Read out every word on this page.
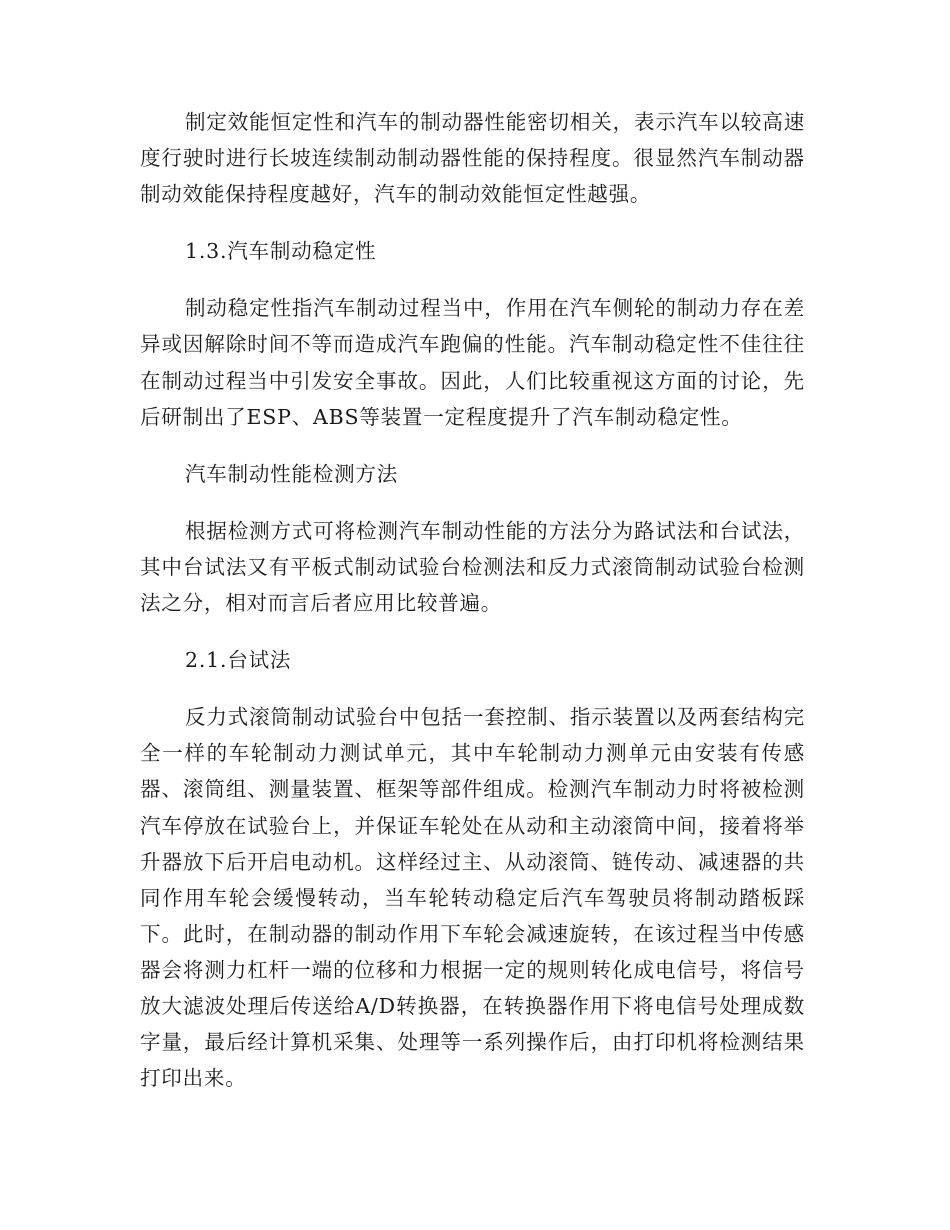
制定效能恒定性和汽车的制动器性能密切相关，表示汽车以较高速度行驶时进行长坡连续制动制动器性能的保持程度。很显然汽车制动器制动效能保持程度越好，汽车的制动效能恒定性越强。

1.3.汽车制动稳定性

制动稳定性指汽车制动过程当中，作用在汽车侧轮的制动力存在差异或因解除时间不等而造成汽车跑偏的性能。汽车制动稳定性不佳往往在制动过程当中引发安全事故。因此，人们比较重视这方面的讨论，先后研制出了ESP、ABS等装置一定程度提升了汽车制动稳定性。

汽车制动性能检测方法

根据检测方式可将检测汽车制动性能的方法分为路试法和台试法，其中台试法又有平板式制动试验台检测法和反力式滚筒制动试验台检测法之分，相对而言后者应用比较普遍。

2.1.台试法

反力式滚筒制动试验台中包括一套控制、指示装置以及两套结构完全一样的车轮制动力测试单元，其中车轮制动力测单元由安装有传感器、滚筒组、测量装置、框架等部件组成。检测汽车制动力时将被检测汽车停放在试验台上，并保证车轮处在从动和主动滚筒中间，接着将举升器放下后开启电动机。这样经过主、从动滚筒、链传动、减速器的共同作用车轮会缓慢转动，当车轮转动稳定后汽车驾驶员将制动踏板踩下。此时，在制动器的制动作用下车轮会减速旋转，在该过程当中传感器会将测力杠杆一端的位移和力根据一定的规则转化成电信号，将信号放大滤波处理后传送给A/D转换器，在转换器作用下将电信号处理成数字量，最后经计算机采集、处理等一系列操作后，由打印机将检测结果打印出来。
